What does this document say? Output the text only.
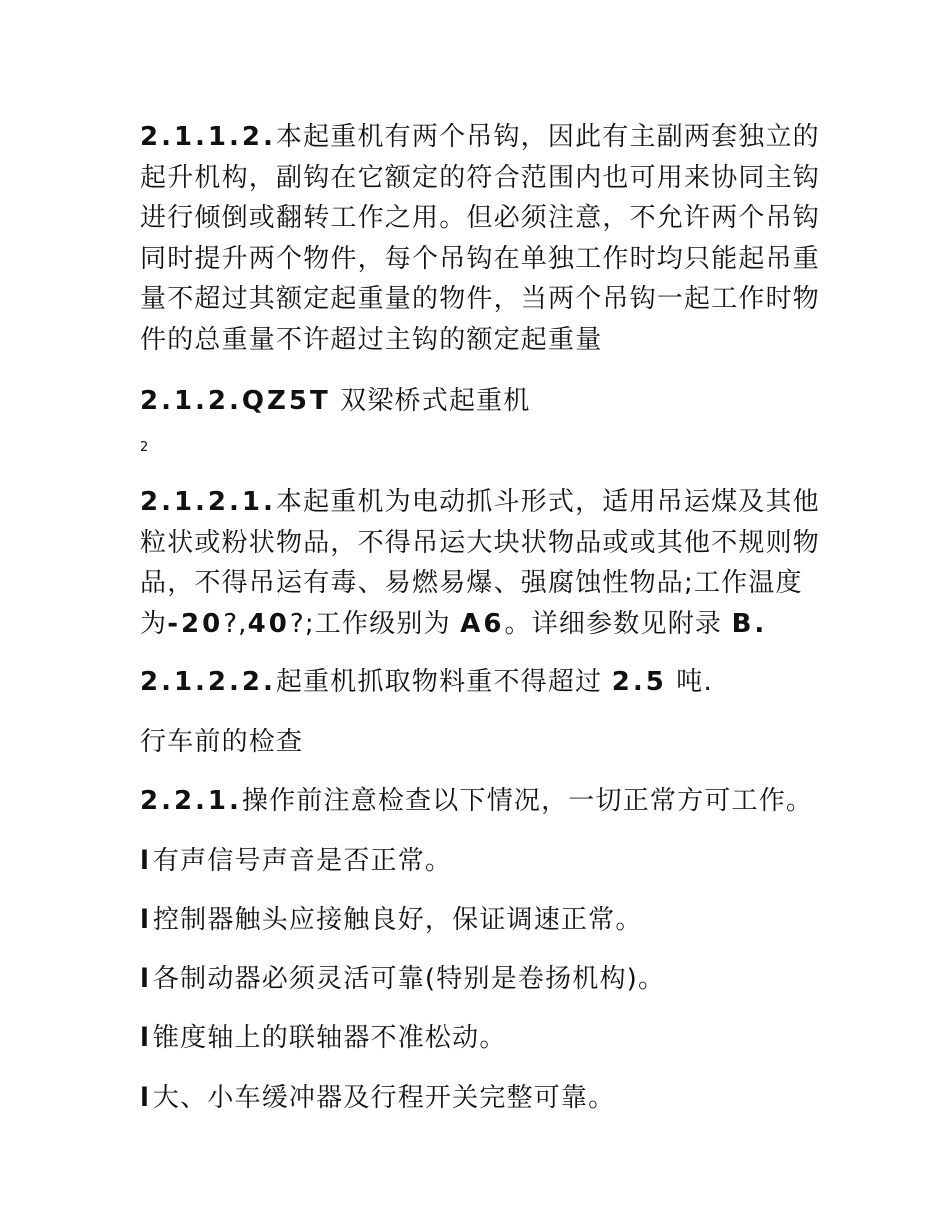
2.1.1.2.本起重机有两个吊钩，因此有主副两套独立的起升机构，副钩在它额定的符合范围内也可用来协同主钩进行倾倒或翻转工作之用。但必须注意，不允许两个吊钩同时提升两个物件，每个吊钩在单独工作时均只能起吊重量不超过其额定起重量的物件，当两个吊钩一起工作时物件的总重量不许超过主钩的额定起重量

2.1.2.QZ5T 双梁桥式起重机

2

2.1.2.1.本起重机为电动抓斗形式，适用吊运煤及其他粒状或粉状物品，不得吊运大块状物品或或其他不规则物品，不得吊运有毒、易燃易爆、强腐蚀性物品;工作温度为-20?,40?;工作级别为 A6。详细参数见附录 B.

2.1.2.2.起重机抓取物料重不得超过 2.5 吨.

行车前的检查

2.2.1.操作前注意检查以下情况，一切正常方可工作。

l 有声信号声音是否正常。

l 控制器触头应接触良好，保证调速正常。

l 各制动器必须灵活可靠(特别是卷扬机构)。

l 锥度轴上的联轴器不准松动。

l 大、小车缓冲器及行程开关完整可靠。
